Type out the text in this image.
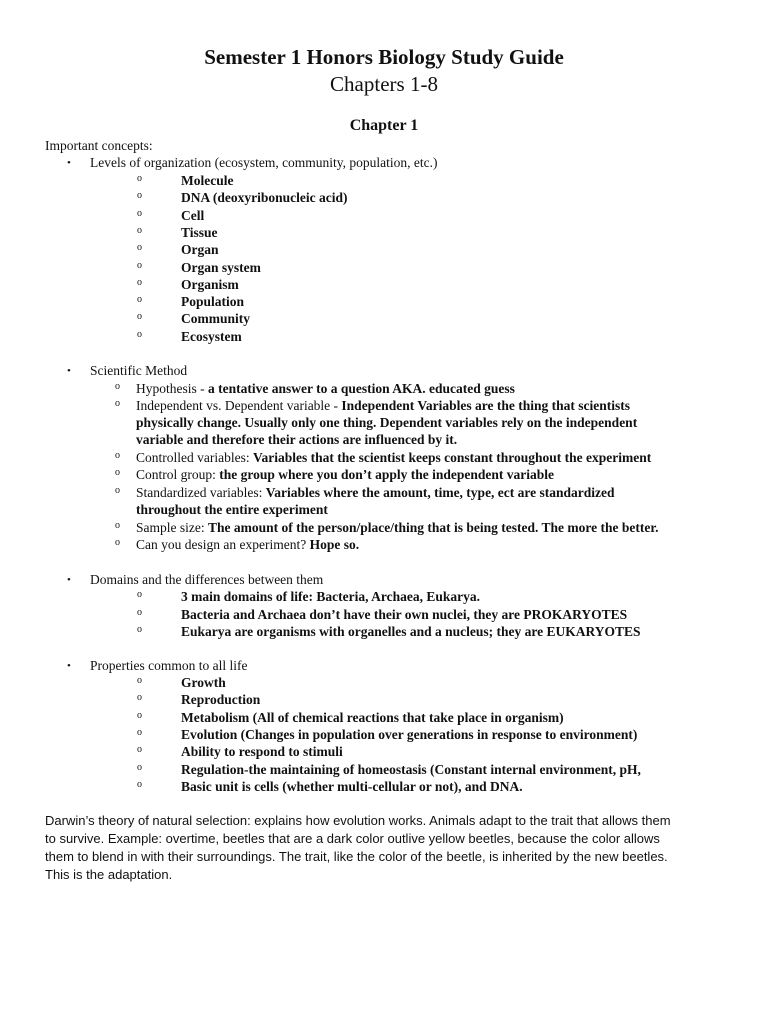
Semester 1 Honors Biology Study Guide
Chapters 1-8
Chapter 1
Important concepts:
• Levels of organization (ecosystem, community, population, etc.)
o	Molecule
o	DNA (deoxyribonucleic acid)
o	Cell
o	Tissue
o	Organ
o	Organ system
o	Organism
o	Population
o	Community
o	Ecosystem
• Scientific Method
o Hypothesis - a tentative answer to a question AKA. educated guess
o Independent vs. Dependent variable - Independent Variables are the thing that scientists
physically change. Usually only one thing. Dependent variables rely on the independent
variable and therefore their actions are influenced by it.
o Controlled variables: Variables that the scientist keeps constant throughout the experiment
o Control group: the group where you don’t apply the independent variable
o Standardized variables: Variables where the amount, time, type, ect are standardized
throughout the entire experiment
o Sample size: The amount of the person/place/thing that is being tested. The more the better.
o Can you design an experiment? Hope so.
• Domains and the differences between them
o	3 main domains of life: Bacteria, Archaea, Eukarya.
o	Bacteria and Archaea don’t have their own nuclei, they are PROKARYOTES
o	Eukarya are organisms with organelles and a nucleus; they are EUKARYOTES
• Properties common to all life
o	Growth
o	Reproduction
o	Metabolism (All of chemical reactions that take place in organism)
o	Evolution (Changes in population over generations in response to environment)
o	Ability to respond to stimuli
o	Regulation-the maintaining of homeostasis (Constant internal environment, pH,
o	Basic unit is cells (whether multi-cellular or not), and DNA.
Darwin’s theory of natural selection: explains how evolution works. Animals adapt to the trait that allows them
to survive. Example: overtime, beetles that are a dark color outlive yellow beetles, because the color allows
them to blend in with their surroundings. The trait, like the color of the beetle, is inherited by the new beetles.
This is the adaptation.
